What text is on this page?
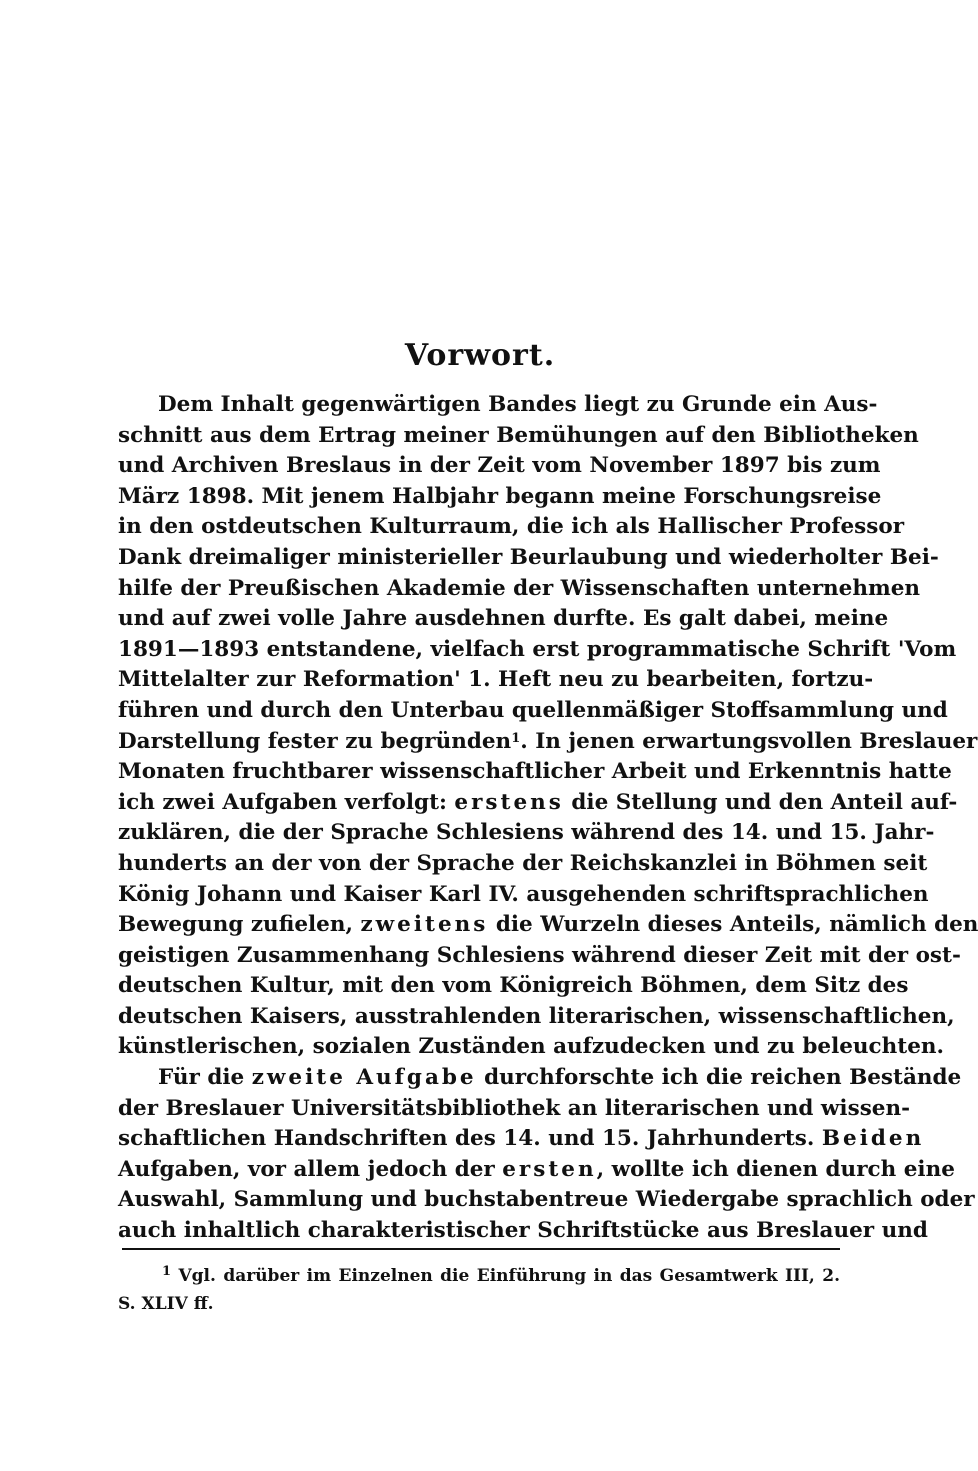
Vorwort.
Dem Inhalt gegenwärtigen Bandes liegt zu Grunde ein Aus-
schnitt aus dem Ertrag meiner Bemühungen auf den Bibliotheken
und Archiven Breslaus in der Zeit vom November 1897 bis zum
März 1898. Mit jenem Halbjahr begann meine Forschungsreise
in den ostdeutschen Kulturraum, die ich als Hallischer Professor
Dank dreimaliger ministerieller Beurlaubung und wiederholter Bei-
hilfe der Preußischen Akademie der Wissenschaften unternehmen
und auf zwei volle Jahre ausdehnen durfte. Es galt dabei, meine
1891—1893 entstandene, vielfach erst programmatische Schrift 'Vom
Mittelalter zur Reformation' 1. Heft neu zu bearbeiten, fortzu-
führen und durch den Unterbau quellenmäßiger Stoffsammlung und
Darstellung fester zu begründen$^1$. In jenen erwartungsvollen Breslauer
Monaten fruchtbarer wissenschaftlicher Arbeit und Erkenntnis hatte
ich zwei Aufgaben verfolgt: erstens die Stellung und den Anteil auf-
zuklären, die der Sprache Schlesiens während des 14. und 15. Jahr-
hunderts an der von der Sprache der Reichskanzlei in Böhmen seit
König Johann und Kaiser Karl IV. ausgehenden schriftsprachlichen
Bewegung zufielen, zweitens die Wurzeln dieses Anteils, nämlich den
geistigen Zusammenhang Schlesiens während dieser Zeit mit der ost-
deutschen Kultur, mit den vom Königreich Böhmen, dem Sitz des
deutschen Kaisers, ausstrahlenden literarischen, wissenschaftlichen,
künstlerischen, sozialen Zuständen aufzudecken und zu beleuchten.
Für die zweite Aufgabe durchforschte ich die reichen Bestände
der Breslauer Universitätsbibliothek an literarischen und wissen-
schaftlichen Handschriften des 14. und 15. Jahrhunderts. Beiden
Aufgaben, vor allem jedoch der ersten, wollte ich dienen durch eine
Auswahl, Sammlung und buchstabentreue Wiedergabe sprachlich oder
auch inhaltlich charakteristischer Schriftstücke aus Breslauer und
$^1$ Vgl. darüber im Einzelnen die Einführung in das Gesamtwerk III, 2.
S. XLIV ff.
